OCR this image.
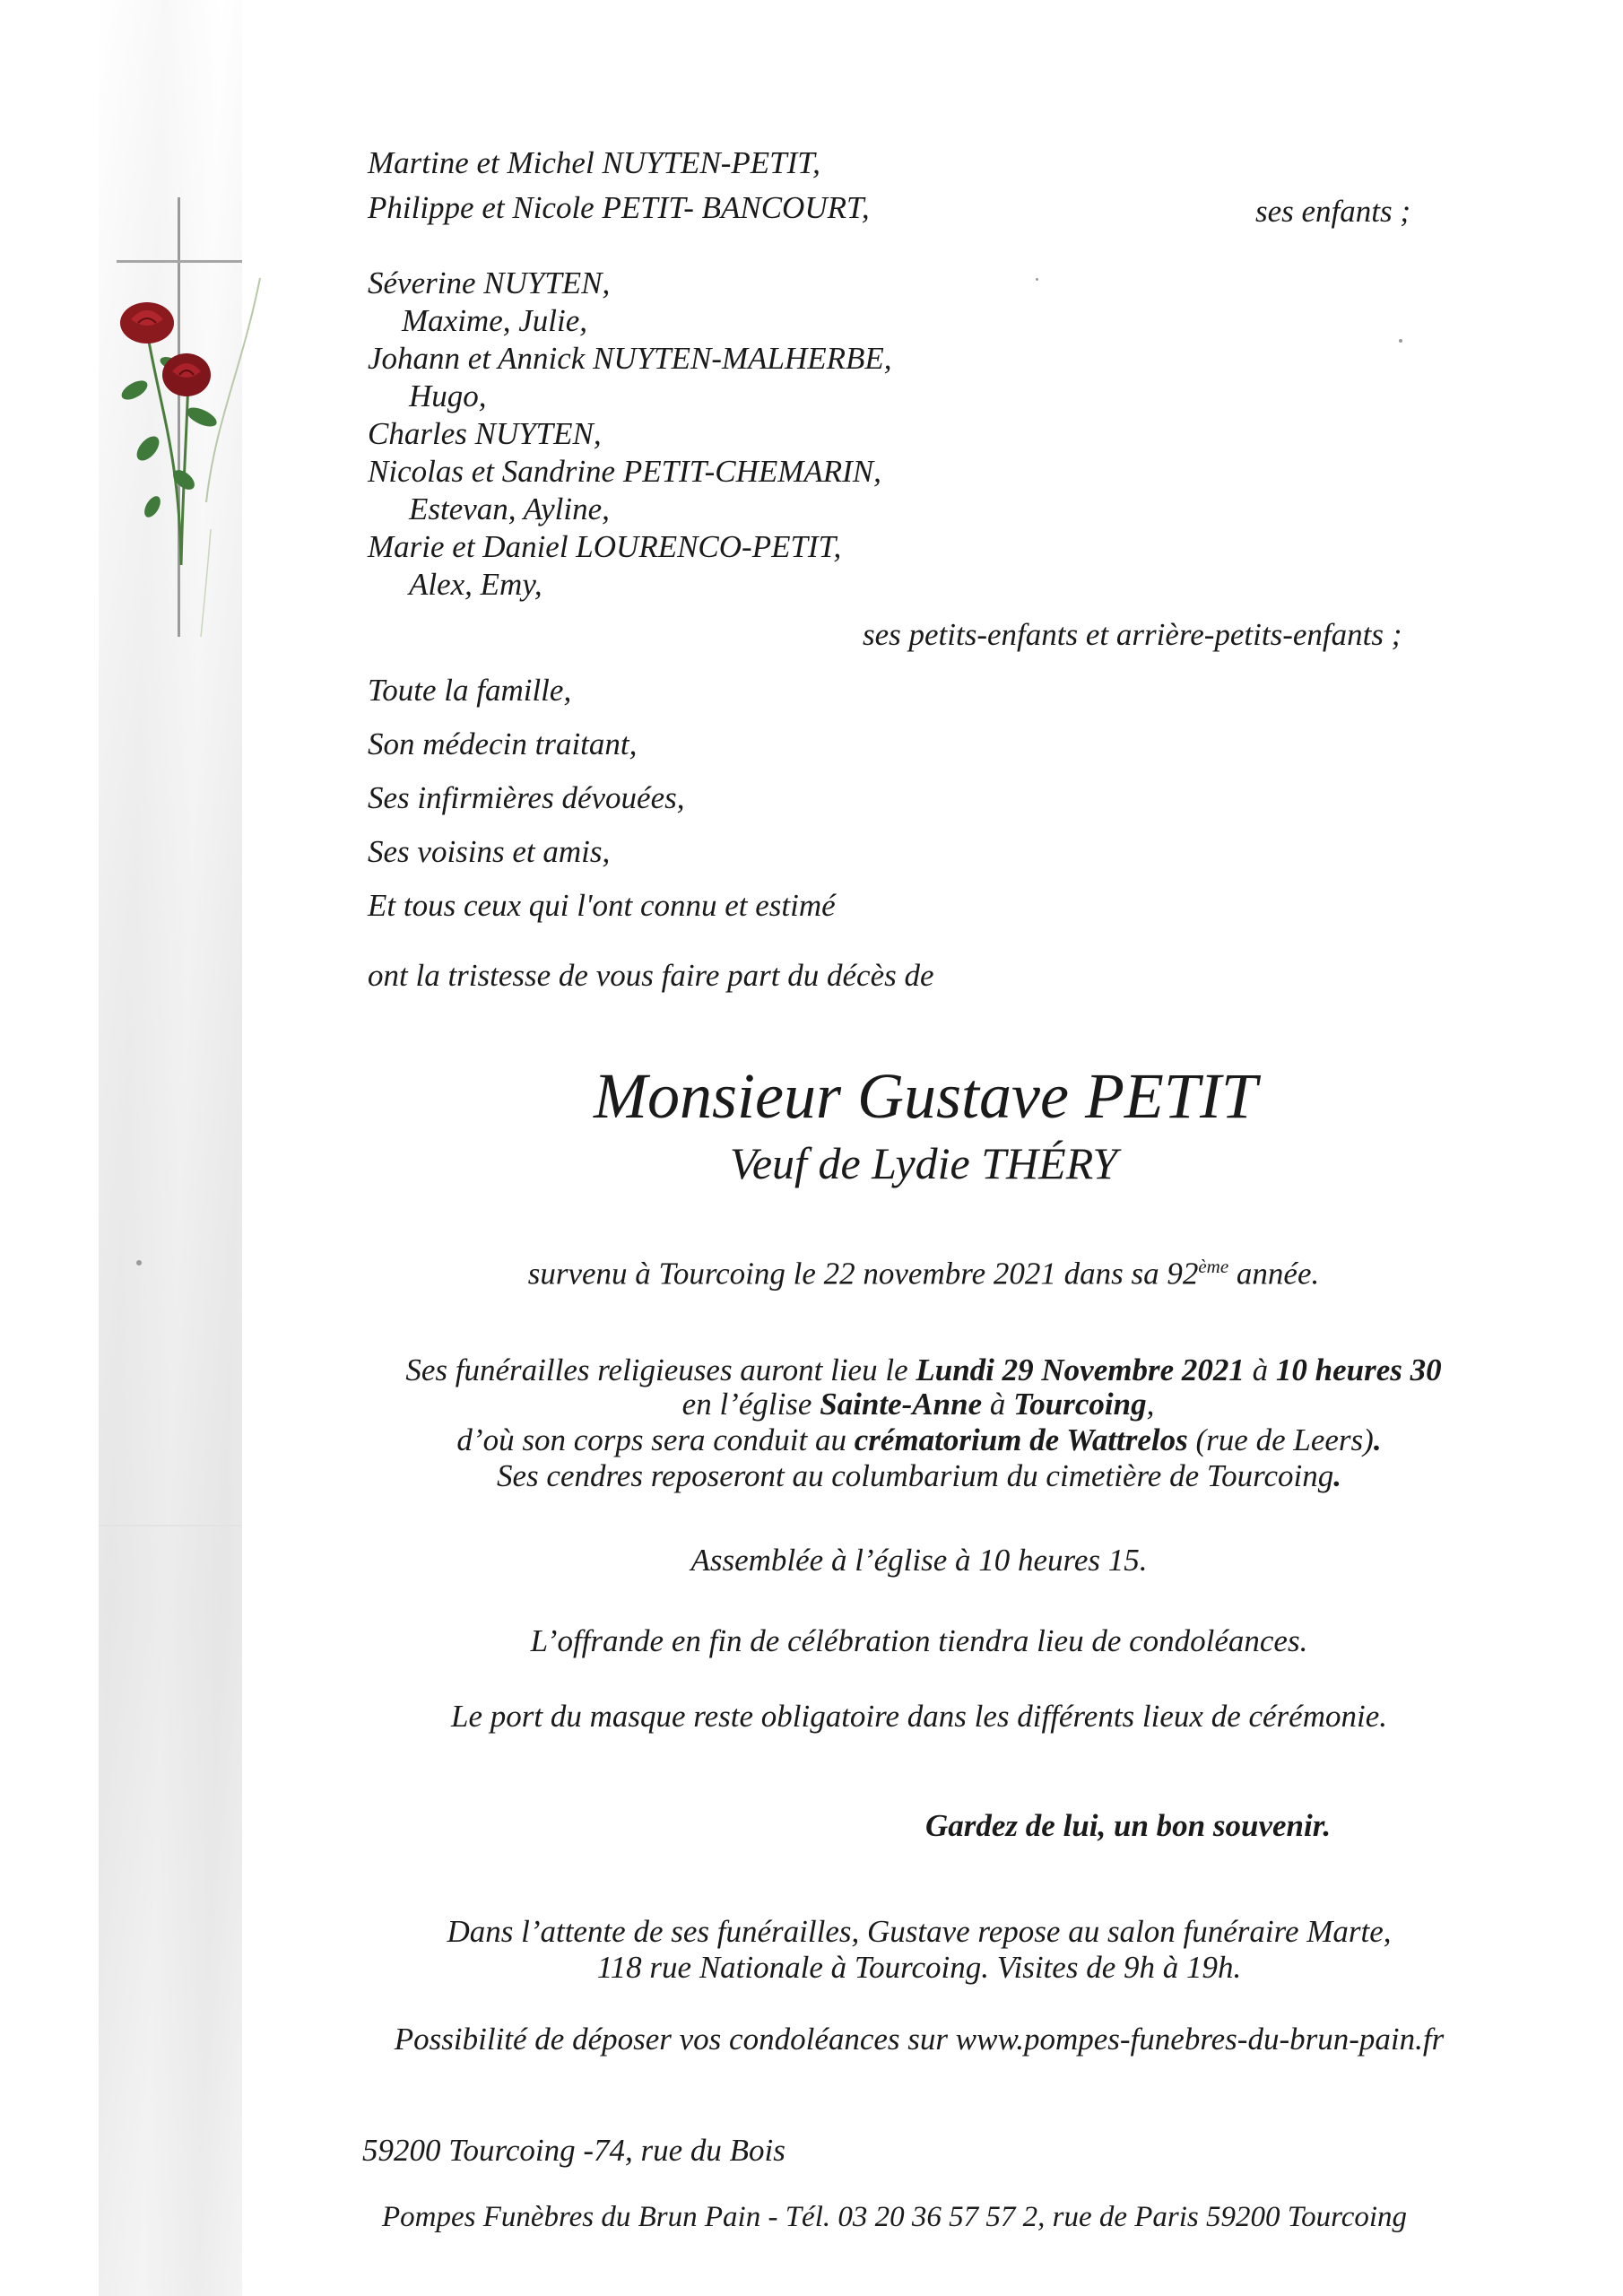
Martine et Michel NUYTEN-PETIT,
Philippe et Nicole PETIT- BANCOURT,	ses enfants ;
Séverine NUYTEN,
Maxime, Julie,
Johann et Annick NUYTEN-MALHERBE,
Hugo,
Charles NUYTEN,
Nicolas et Sandrine PETIT-CHEMARIN,
Estevan, Ayline,
Marie et Daniel LOURENCO-PETIT,
Alex, Emy,
ses petits-enfants et arrière-petits-enfants ;
Toute la famille,
Son médecin traitant,
Ses infirmières dévouées,
Ses voisins et amis,
Et tous ceux qui l'ont connu et estimé
ont la tristesse de vous faire part du décès de
Monsieur Gustave PETIT
Veuf de Lydie THÉRY
survenu à Tourcoing le 22 novembre 2021 dans sa 92ème année.
Ses funérailles religieuses auront lieu le Lundi 29 Novembre 2021 à 10 heures 30
en l’église Sainte-Anne à Tourcoing,
d’où son corps sera conduit au crématorium de Wattrelos (rue de Leers).
Ses cendres reposeront au columbarium du cimetière de Tourcoing.
Assemblée à l’église à 10 heures 15.
L’offrande en fin de célébration tiendra lieu de condoléances.
Le port du masque reste obligatoire dans les différents lieux de cérémonie.
Gardez de lui, un bon souvenir.
Dans l’attente de ses funérailles, Gustave repose au salon funéraire Marte,
118 rue Nationale à Tourcoing. Visites de 9h à 19h.
Possibilité de déposer vos condoléances sur www.pompes-funebres-du-brun-pain.fr
59200 Tourcoing -74, rue du Bois
Pompes Funèbres du Brun Pain - Tél. 03 20 36 57 57 2, rue de Paris 59200 Tourcoing
